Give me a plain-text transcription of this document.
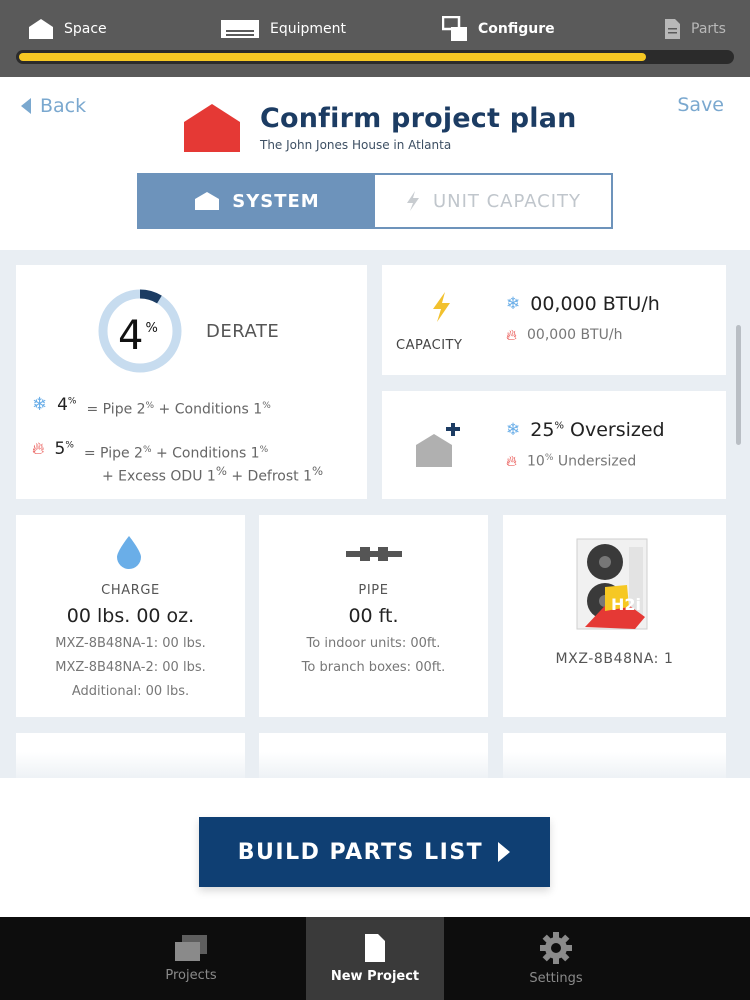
Space	Equipment	Configure	Parts
Back	Save
Confirm project plan
The John Jones House in Atlanta
SYSTEM	UNIT CAPACITY
4 %	DERATE
❄ 4%
= Pipe 2% + Conditions 1%
🔥︎ 5%
= Pipe 2% + Conditions 1%
+ Excess ODU 1% + Defrost 1%
CAPACITY
❄ 00,000 BTU/h
🔥︎ 00,000 BTU/h
❄ 25% Oversized
🔥︎ 10% Undersized
CHARGE
00 lbs. 00 oz.
MXZ-8B48NA-1: 00 lbs.
MXZ-8B48NA-2: 00 lbs.
Additional: 00 lbs.
PIPE
00 ft.
To indoor units: 00ft.
To branch boxes: 00ft.
H2i
MXZ-8B48NA: 1
BUILD PARTS LIST
Projects	New Project	Settings
